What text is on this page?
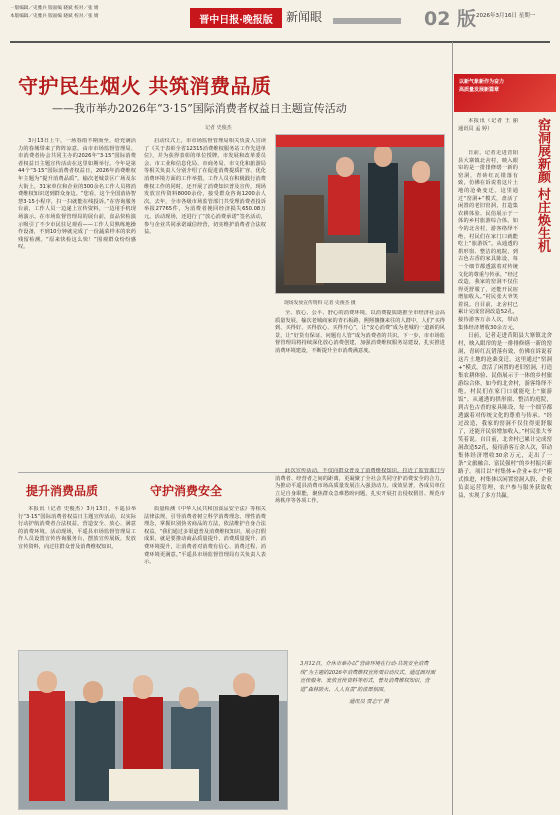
一版编辑／史雅兵 版面编 晓斌 校对／张 婧
本版编辑／史雅兵 版面编 晓斌 校对／张 婧	晋中日报·晚报版	新闻眼	02 版 2026年3月16日 星期一
守护民生烟火 共筑消费品质
——我市举办2026年“3·15”国际消费者权益日主题宣传活动
记者 史俊杰

3月13日上午，一场春雨不期而至，给充满活力的春城带来了阵阵凉意。由市市场监督管理局、市消费者协会共同主办的2026年“3·15”国际消费者权益日主题宣传活动在这里如期举行。今年是第44个“3·15”国际消费者权益日，2026年消费维权年主题为“提升消费品质”。榆次老城景区广场及东大街上，31家单位和企业的300余名工作人员将消费维权知识送到群众身边。“您看，这个全国消协智慧3·15小程序，扫一扫就能在线投诉。”在咨询服务台前，工作人员一边递上宣传资料，一边用手机现场演示。在市场监督管理局的展台前，食品快检演示吸引了不少市民驻足观看——工作人员熟练地操作设备，不到10分钟就完成了一份蔬菜样本的农药残留检测。“原来快检这么快！”围观群众纷纷感叹。

启动仪式上，市市场监督管理局相关负责人宣读了《关于表彰全省12315消费维权服务站工作先进单位》，并为获得表彰的单位授牌。市发展和改革委员会、市工业和信息化局、市商务局、市文化和旅游局等相关负责人分别介绍了在促进消费提质扩容、优化消费环境方面的工作举措。工作人员在积极践行消费维权工作的同时，还开展了消费知识普及宣传，现场发放宣传资料8000余份，接受群众咨询1200余人次。去年，全市各级市场监管部门共受理消费者投诉举报27765件，为消费者挽回经济损失650.08万元。活动现场，还进行了“放心消费承诺”签名活动，参与企业共同承诺诚信经营，切实维护消费者合法权益。

现场发放宣传资料 记者 史俊杰 摄

全、放心、公平、舒心的消费环境，以消费提质助推全市经济社会高质量发展。榆次老城商家的青石板路，熙熙攘攘来往的人群中，人们“买得到、买得好、买得放心、买得开心”，让“安心消费”成为老城的一道新的风景，让“好货有保证、问题有人管”成为消费者的共识。下一步，市市场监督管理局将持续深化放心消费创建，加强消费维权服务站建设，扎实推进消费环境建设，不断提升全市消费满意度。

提升消费品质	守护消费安全

本报讯（记者 史俊杰）3月13日，平遥县举行“3·15”国际消费者权益日主题宣传活动，以实际行动护航消费者合法权益，营造安全、放心、满意的消费环境。活动现场，平遥县市场监督管理局工作人员设置宣传咨询服务台，摆放宣传展板，发放宣传资料，向过往群众普及消费维权知识。

质量检测《中华人民共和国食品安全法》等相关法律法规，引导消费者树立科学消费理念、理性消费理念，掌握识别伪劣商品的方法，依法维护自身合法权益。“我们通过多渠道普及消费维权知识，展示打假成果，就是要推动商品质量提升、消费质量提升、消费环境提升，让消费者对消费有信心、消费过程、消费环境更满意。”平遥县市场监督管理局有关负责人表示。

此次宣传活动，不仅向群众普及了消费维权知识，拉近了监管部门与消费者、经营者之间的距离，更凝聚了全社会共同守护消费安全的合力，为推动平遥县消费市场高质量发展注入强劲动力。成效显著，各成员单位立足自身职能，聚焦群众急难愁盼问题，扎实开展打击侵权假冒、规范市场秩序等各项工作。

3月12日，介休市举办以“营商环境在行动·共筑安全消费线”为主题的2026年消费维权宣传周启动仪式。通过面对面宣传服务、发放宣传资料等形式，普及消费维权知识，营造“森林防火、人人有责”的浓厚氛围。
通讯员 贾志宁 摄
以新气象新作为奋力
高质量发展新篇章
窑洞展新颜 村庄焕生机

本报讯（记者 王 丽 通讯员 孟 婷）

日前，记者走进昔阳县大寨镇北舍村，映入眼帘的是一排排修缮一新的窑洞，青砖红瓦错落有致，仿佛在诉说着这片土地的沧桑变迁。这里通过“窑洞+”模式，盘活了闲置的老旧窑洞，打造集农耕体验、民俗展示于一体的乡村旅游综合体。如今的北舍村，游客络绎不绝，村民们在家门口就能吃上“旅游饭”。从通透的拱形窗、整洁的庭院，到古色古香的家具陈设，每一个细节都透露着对传统文化的尊重与传承。“经过改造，我家的窑洞不仅住得更舒服了，还能开民宿增加收入。”村民张大爷笑着说。自目前，北舍村已累计完成窑洞改造52孔，接待游客万余人次，带动集体经济增收30余万元，

日前，记者走进昔阳县大寨镇北舍村，映入眼帘的是一排排修缮一新的窑洞，青砖红瓦错落有致，仿佛在诉说着这片土地的沧桑变迁。这里通过“窑洞+”模式，盘活了闲置的老旧窑洞，打造集农耕体验、民俗展示于一体的乡村旅游综合体。如今的北舍村，游客络绎不绝，村民们在家门口就能吃上“旅游饭”。从通透的拱形窗、整洁的庭院，到古色古香的家具陈设，每一个细节都透露着对传统文化的尊重与传承。“经过改造，我家的窑洞不仅住得更舒服了，还能开民宿增加收入。”村民张大爷笑着说。自目前，北舍村已累计完成窑洞改造52孔，接待游客万余人次，带动集体经济增收30余万元，走出了一条“文旅融合、富民强村”的乡村振兴新路子。项目以“村集体+企业+农户”模式推进，村集体以闲置窑洞入股，企业负责运营管理，农户参与服务获取收益，实现了多方共赢。
